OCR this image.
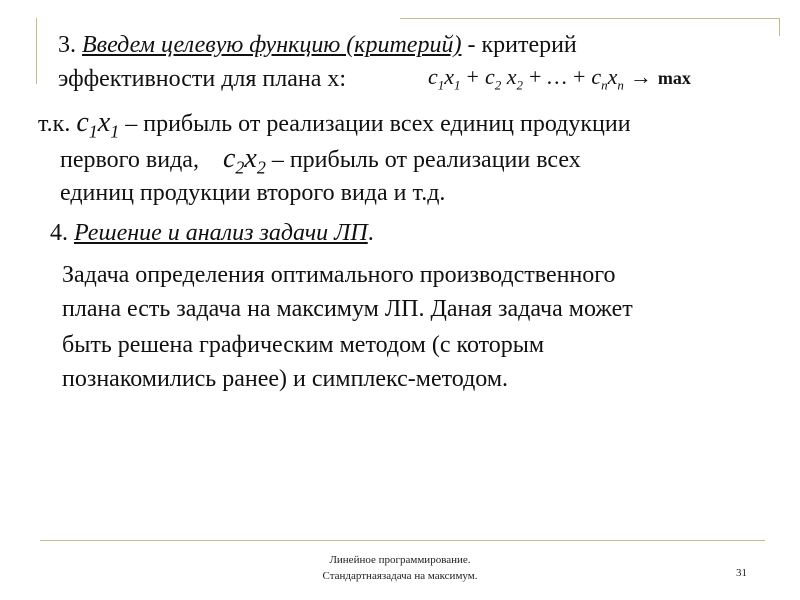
3. Введем целевую функцию (критерий) - критерий
эффективности для плана х:	$c_1x_1 + c_2$ $x_2$ + … + $c_nx_n \to \max$
т.к. $c_1x_1$ – прибыль от реализации всех единиц продукции
первого вида, $c_2x_2$ – прибыль от реализации всех
единиц продукции второго вида и т.д.
4. Решение и анализ задачи ЛП.
Задача определения оптимального производственного
плана есть задача на максимум ЛП. Даная задача может
быть решена графическим методом (с которым
познакомились ранее) и симплекс-методом.
Линейное программирование.
Стандартнаязадача на максимум.	31
